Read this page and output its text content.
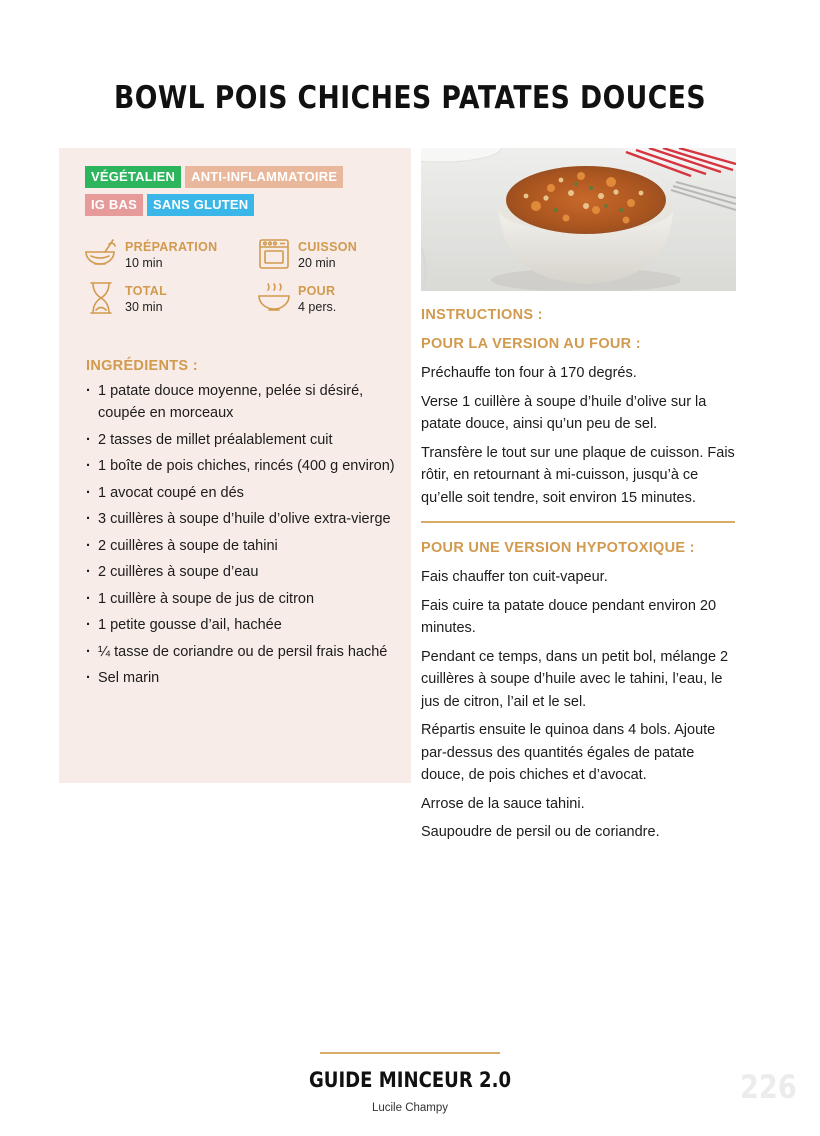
BOWL POIS CHICHES PATATES DOUCES
VÉGÉTALIEN	ANTI-INFLAMMATOIRE
IG BAS	SANS GLUTEN
PRÉPARATION
10 min
CUISSON
20 min
TOTAL
30 min
POUR
4 pers.
INGRÉDIENTS :
· 1 patate douce moyenne, pelée si désiré, coupée en morceaux
· 2 tasses de millet préalablement cuit
· 1 boîte de pois chiches, rincés (400 g environ)
· 1 avocat coupé en dés
· 3 cuillères à soupe d’huile d’olive extra-vierge
· 2 cuillères à soupe de tahini
· 2 cuillères à soupe d’eau
· 1 cuillère à soupe de jus de citron
· 1 petite gousse d’ail, hachée
· ¼ tasse de coriandre ou de persil frais haché
· Sel marin
INSTRUCTIONS :
POUR LA VERSION AU FOUR :

Préchauffe ton four à 170 degrés.

Verse 1 cuillère à soupe d’huile d’olive sur la patate douce, ainsi qu’un peu de sel.

Transfère le tout sur une plaque de cuisson. Fais rôtir, en retournant à mi-cuisson, jusqu’à ce qu’elle soit tendre, soit environ 15 minutes.

POUR UNE VERSION HYPOTOXIQUE :

Fais chauffer ton cuit-vapeur.

Fais cuire ta patate douce pendant environ 20 minutes.

Pendant ce temps, dans un petit bol, mélange 2 cuillères à soupe d’huile avec le tahini, l’eau, le jus de citron, l’ail et le sel.

Répartis ensuite le quinoa dans 4 bols. Ajoute par-dessus des quantités égales de patate douce, de pois chiches et d’avocat.

Arrose de la sauce tahini.

Saupoudre de persil ou de coriandre.

GUIDE MINCEUR 2.0
Lucile Champy
226
